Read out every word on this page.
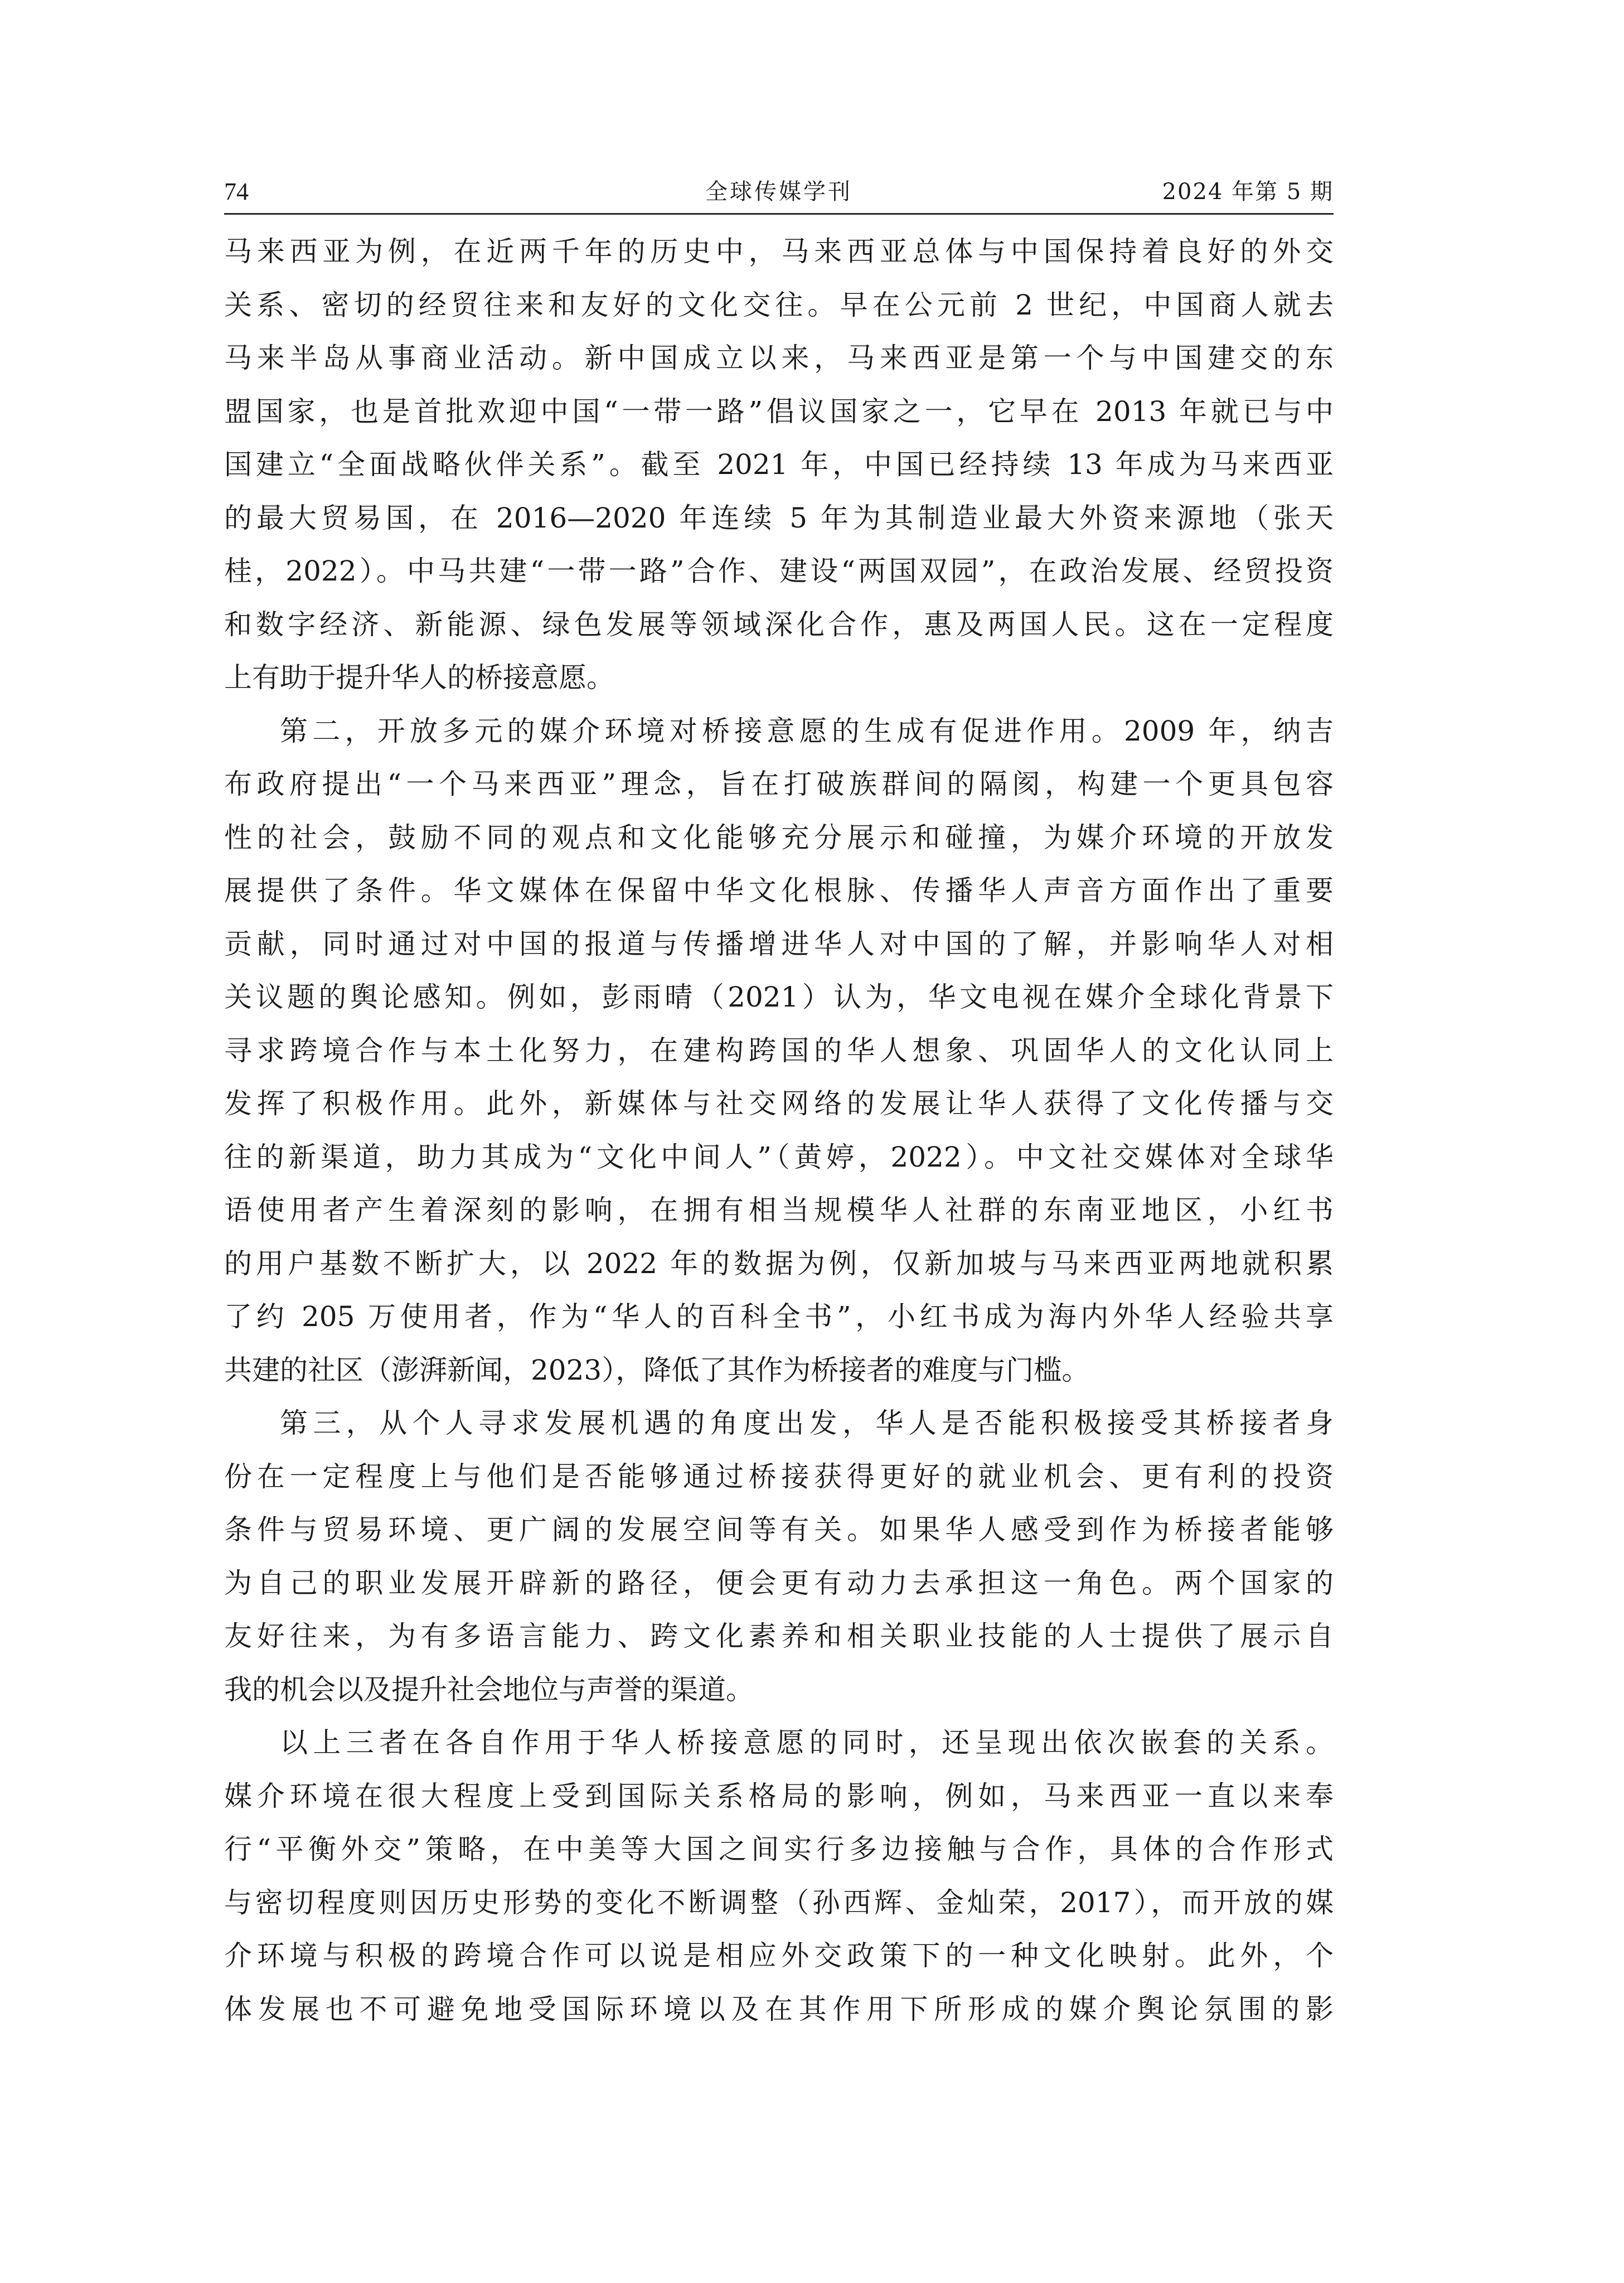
74	全球传媒学刊	2024 年第 5 期
马来西亚为例，在近两千年的历史中，马来西亚总体与中国保持着良好的外交
关系、密切的经贸往来和友好的文化交往。早在公元前 2 世纪，中国商人就去
马来半岛从事商业活动。新中国成立以来，马来西亚是第一个与中国建交的东
盟国家，也是首批欢迎中国“一带一路”倡议国家之一，它早在 2013 年就已与中
国建立“全面战略伙伴关系”。截至 2021 年，中国已经持续 13 年成为马来西亚
的最大贸易国，在 2016—2020 年连续 5 年为其制造业最大外资来源地（张天
桂，2022）。中马共建“一带一路”合作、建设“两国双园”，在政治发展、经贸投资
和数字经济、新能源、绿色发展等领域深化合作，惠及两国人民。这在一定程度
上有助于提升华人的桥接意愿。
第二，开放多元的媒介环境对桥接意愿的生成有促进作用。2009 年，纳吉
布政府提出“一个马来西亚”理念，旨在打破族群间的隔阂，构建一个更具包容
性的社会，鼓励不同的观点和文化能够充分展示和碰撞，为媒介环境的开放发
展提供了条件。华文媒体在保留中华文化根脉、传播华人声音方面作出了重要
贡献，同时通过对中国的报道与传播增进华人对中国的了解，并影响华人对相
关议题的舆论感知。例如，彭雨晴（2021）认为，华文电视在媒介全球化背景下
寻求跨境合作与本土化努力，在建构跨国的华人想象、巩固华人的文化认同上
发挥了积极作用。此外，新媒体与社交网络的发展让华人获得了文化传播与交
往的新渠道，助力其成为“文化中间人”（黄婷，2022）。中文社交媒体对全球华
语使用者产生着深刻的影响，在拥有相当规模华人社群的东南亚地区，小红书
的用户基数不断扩大，以 2022 年的数据为例，仅新加坡与马来西亚两地就积累
了约 205 万使用者，作为“华人的百科全书”，小红书成为海内外华人经验共享
共建的社区（澎湃新闻，2023），降低了其作为桥接者的难度与门槛。
第三，从个人寻求发展机遇的角度出发，华人是否能积极接受其桥接者身
份在一定程度上与他们是否能够通过桥接获得更好的就业机会、更有利的投资
条件与贸易环境、更广阔的发展空间等有关。如果华人感受到作为桥接者能够
为自己的职业发展开辟新的路径，便会更有动力去承担这一角色。两个国家的
友好往来，为有多语言能力、跨文化素养和相关职业技能的人士提供了展示自
我的机会以及提升社会地位与声誉的渠道。
以上三者在各自作用于华人桥接意愿的同时，还呈现出依次嵌套的关系。
媒介环境在很大程度上受到国际关系格局的影响，例如，马来西亚一直以来奉
行“平衡外交”策略，在中美等大国之间实行多边接触与合作，具体的合作形式
与密切程度则因历史形势的变化不断调整（孙西辉、金灿荣，2017），而开放的媒
介环境与积极的跨境合作可以说是相应外交政策下的一种文化映射。此外，个
体发展也不可避免地受国际环境以及在其作用下所形成的媒介舆论氛围的影
